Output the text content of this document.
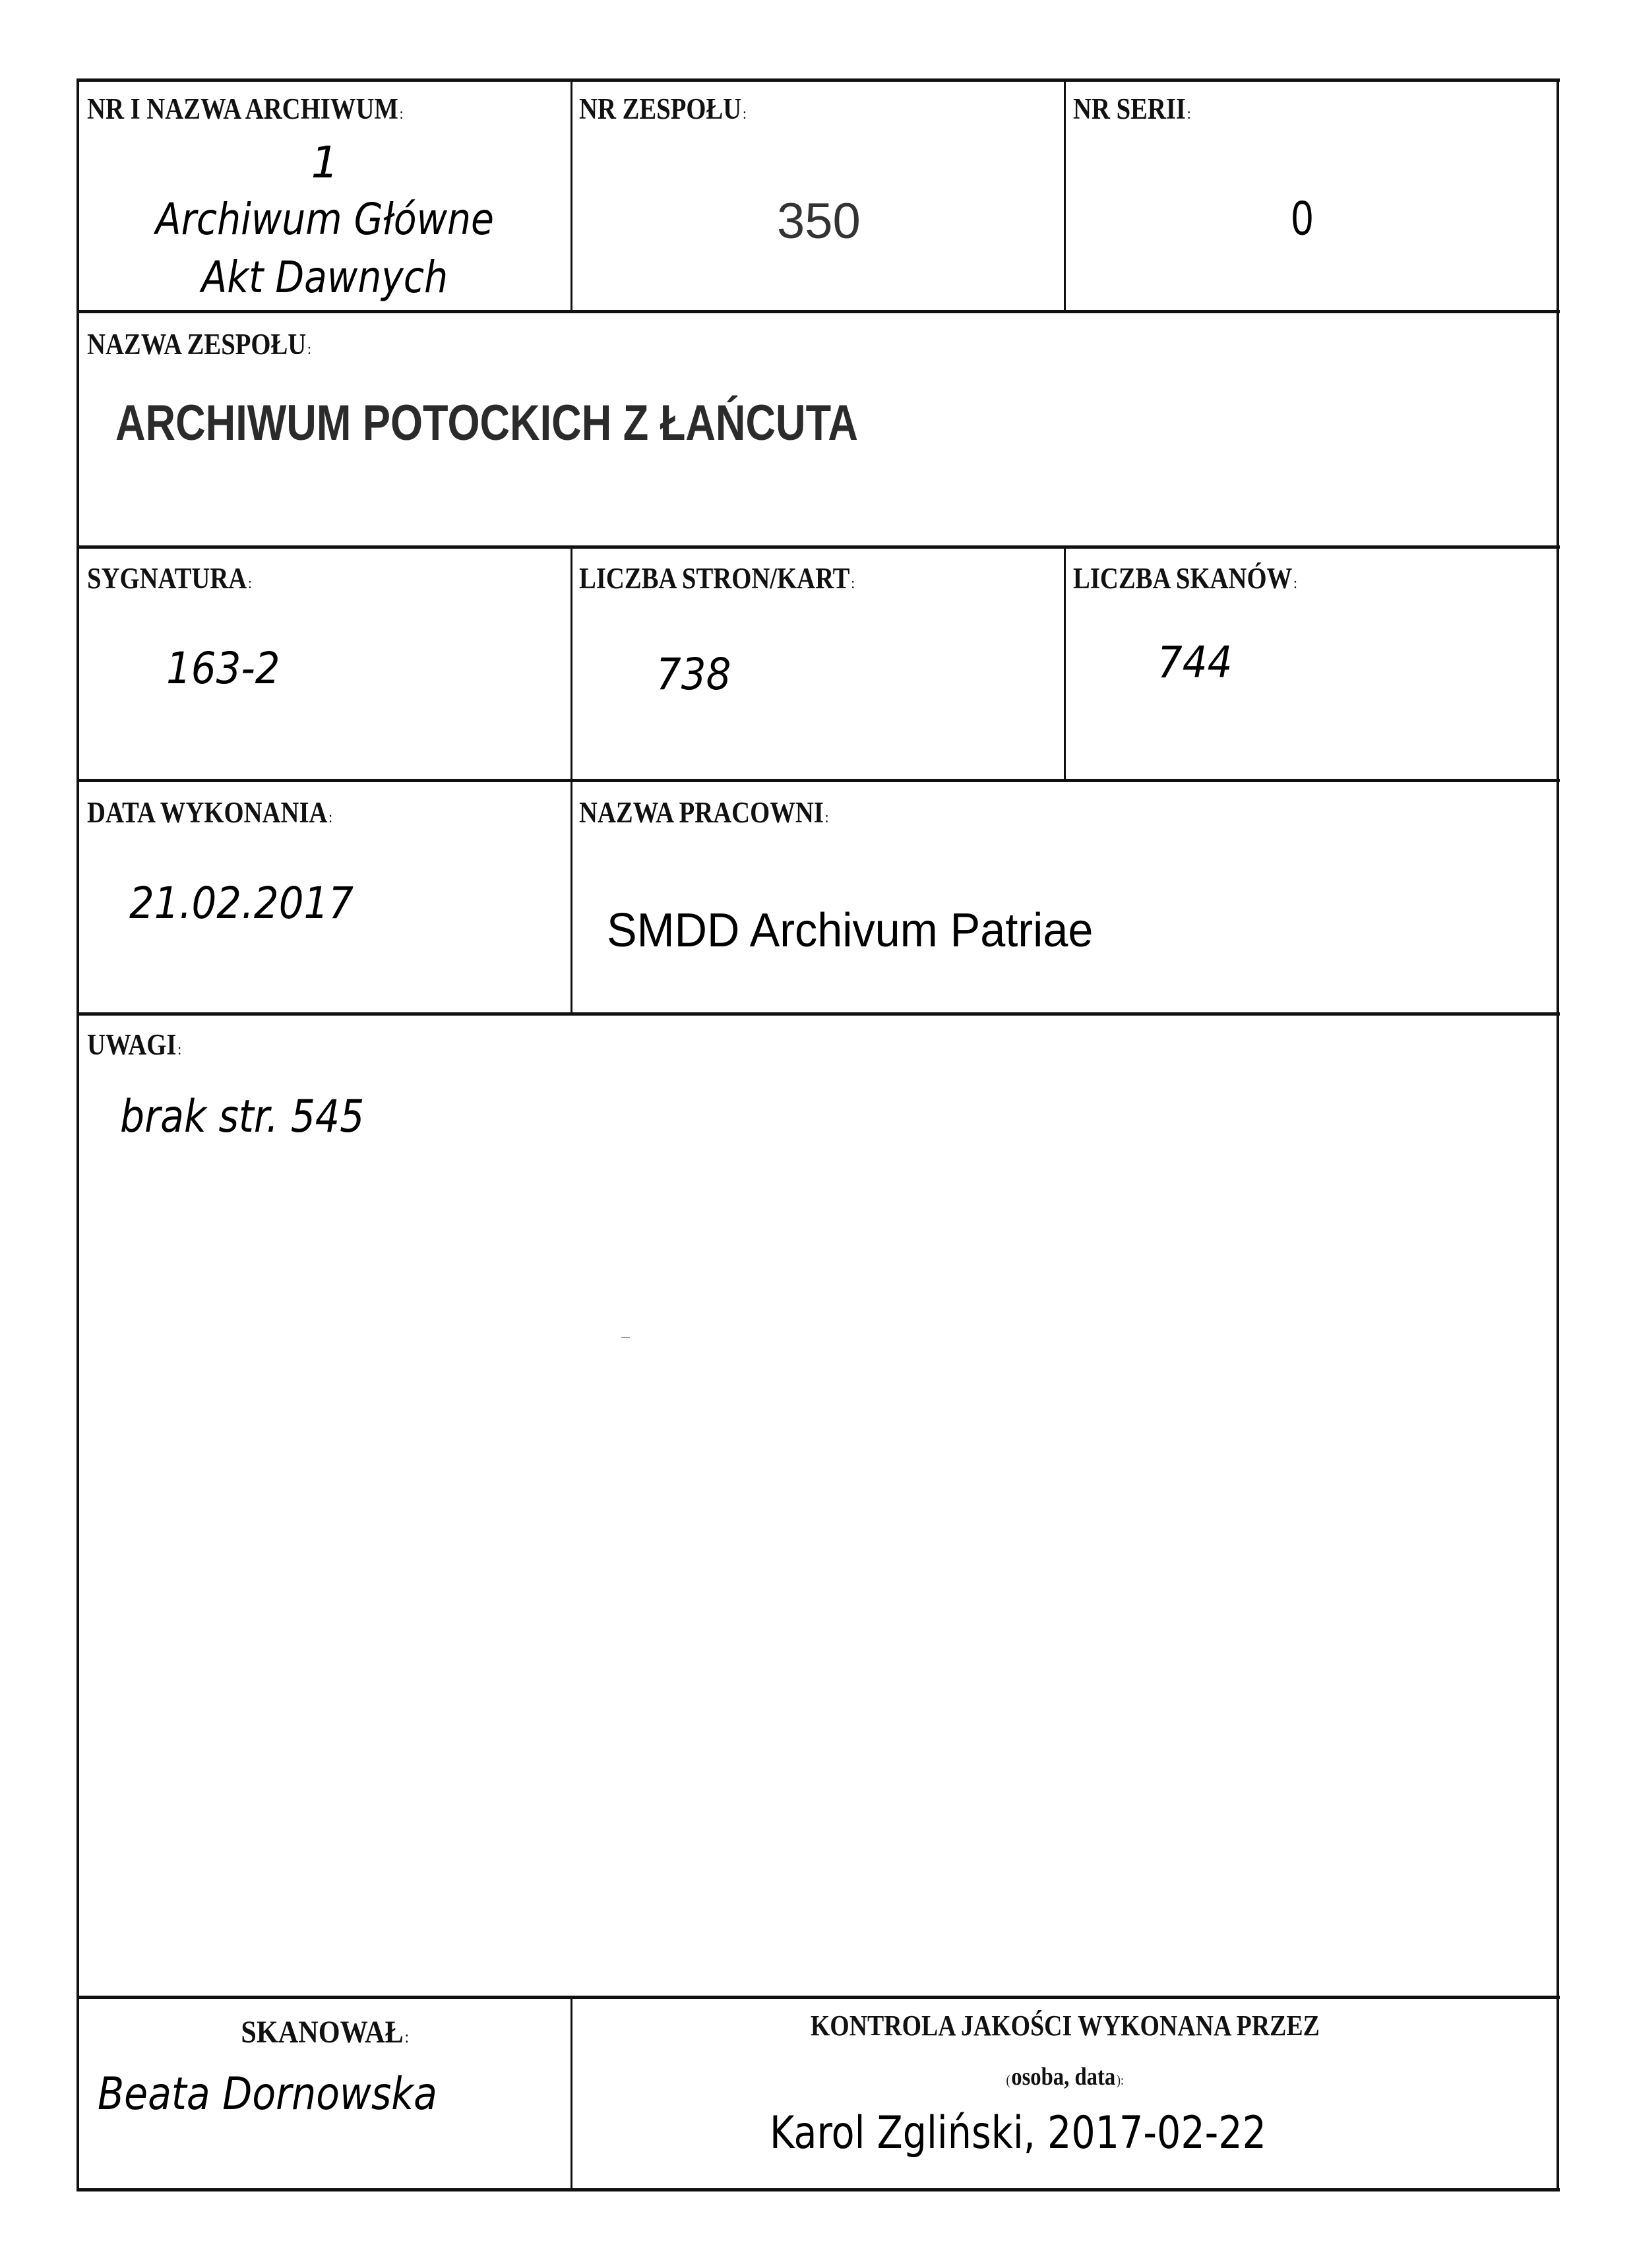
NR I NAZWA ARCHIWUM:
1
Archiwum Główne
Akt Dawnych
NR ZESPOŁU:
350
NR SERII:
0
NAZWA ZESPOŁU:
ARCHIWUM POTOCKICH Z ŁAŃCUTA
SYGNATURA:
163-2
LICZBA STRON/KART:
738
LICZBA SKANÓW:
744
DATA WYKONANIA:
21.02.2017
NAZWA PRACOWNI:
SMDD Archivum Patriae
UWAGI:
brak str. 545
SKANOWAŁ:
Beata Dornowska
KONTROLA JAKOŚCI WYKONANA PRZEZ
(osoba, data):
Karol Zgliński, 2017-02-22
